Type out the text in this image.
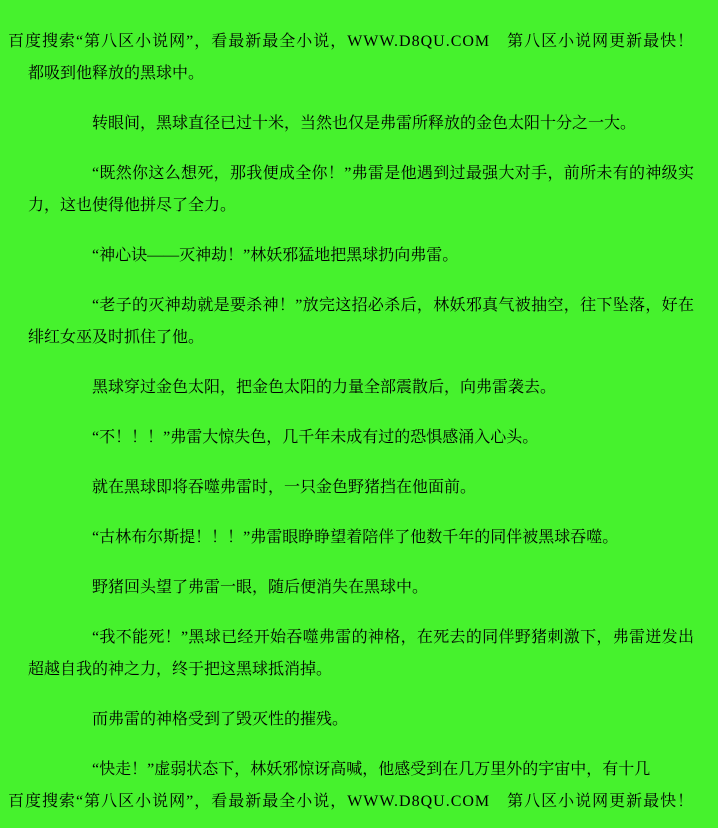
百度搜索“第八区小说网”，看最新最全小说，WWW.D8QU.COM　第八区小说网更新最快！

都吸到他释放的黑球中。

转眼间，黑球直径已过十米，当然也仅是弗雷所释放的金色太阳十分之一大。

“既然你这么想死，那我便成全你！”弗雷是他遇到过最强大对手，前所未有的神级实力，这也使得他拼尽了全力。

“神心诀——灭神劫！”林妖邪猛地把黑球扔向弗雷。

“老子的灭神劫就是要杀神！”放完这招必杀后，林妖邪真气被抽空，往下坠落，好在绯红女巫及时抓住了他。

黑球穿过金色太阳，把金色太阳的力量全部震散后，向弗雷袭去。

“不！！！”弗雷大惊失色，几千年未成有过的恐惧感涌入心头。

就在黑球即将吞噬弗雷时，一只金色野猪挡在他面前。

“古林布尔斯提！！！”弗雷眼睁睁望着陪伴了他数千年的同伴被黑球吞噬。

野猪回头望了弗雷一眼，随后便消失在黑球中。

“我不能死！”黑球已经开始吞噬弗雷的神格，在死去的同伴野猪刺激下，弗雷迸发出超越自我的神之力，终于把这黑球抵消掉。

而弗雷的神格受到了毁灭性的摧残。

“快走！”虚弱状态下，林妖邪惊讶高喊，他感受到在几万里外的宇宙中，有十几

百度搜索“第八区小说网”，看最新最全小说，WWW.D8QU.COM　第八区小说网更新最快！
